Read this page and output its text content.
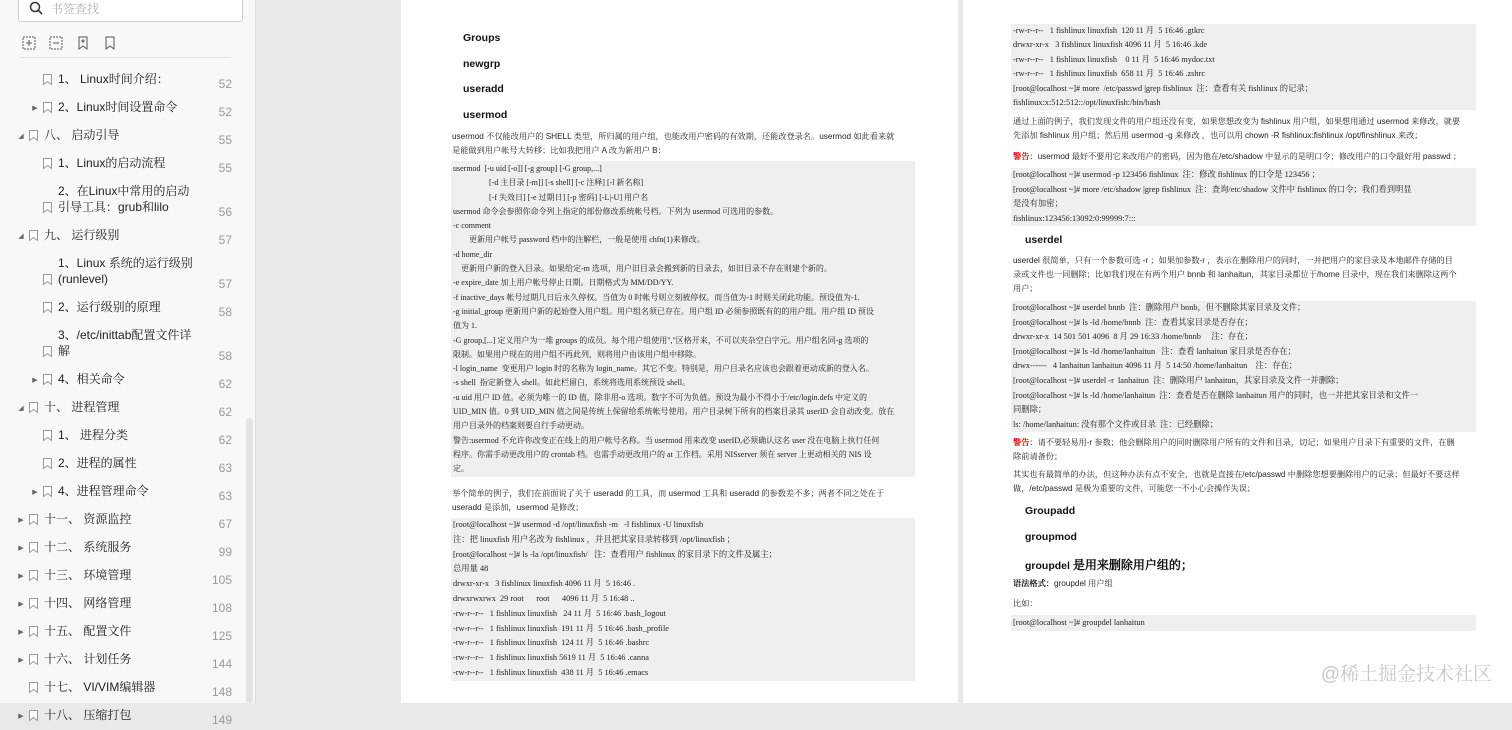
书签查找
1、 Linux时间介绍：	52
▶ 2、Linux时间设置命令	52
◢ 八、 启动引导	55
1、Linux的启动流程	55
2、在Linux中常用的启动引导工具：grub和lilo	56
◢ 九、 运行级别	57
1、Linux 系统的运行级别(runlevel)	57
2、运行级别的原理	58
3、/etc/inittab配置文件详解	58
▶ 4、相关命令	62
◢ 十、 进程管理	62
1、 进程分类	62
2、进程的属性	63
▶ 4、进程管理命令	63
▶ 十一、 资源监控	67
▶ 十二、 系统服务	99
▶ 十三、 环境管理	105
▶ 十四、 网络管理	108
▶ 十五、 配置文件	125
▶ 十六、 计划任务	144
十七、 VI/VIM编辑器	148
▶ 十八、 压缩打包	149
Groups
newgrp
useradd
usermod
usermod 不仅能改用户的 SHELL 类型，所归属的用户组，也能改用户密码的有效期，还能改登录名。usermod 如此看来就
是能做到用户帐号大转移；比如我把用户 A 改为新用户 B：
usermod  [-u uid [-o]] [-g group] [-G group,...]
[-d 主目录 [-m]] [-s shell] [-c 注释] [-l 新名称]
[-f 失效日] [-e 过期日] [-p 密码] [-L|-U] 用户名
usermod 命令会参照你命令列上指定的部份修改系统帐号档。下列为 usermod 可选用的参数。
-c comment
更新用户帐号 password 档中的注解栏，一般是使用 chfn(1)来修改。
-d home_dir
更新用户新的登入目录。如果给定-m 选项，用户旧目录会搬到新的目录去，如旧目录不存在则建个新的。
-e expire_date 加上用户帐号停止日期。日期格式为 MM/DD/YY.
-f inactive_days 帐号过期几日后永久停权。当值为 0 时帐号则立刻被停权。而当值为-1 时则关闭此功能。预设值为-1.
-g initial_group 更新用户新的起始登入用户组。用户组名须已存在。用户组 ID 必须参照既有的的用户组。用户组 ID 预设
值为 1.
-G group,[...] 定义用户为一堆 groups 的成员。每个用户组使用","区格开来，不可以夹杂空白字元。用户组名同-g 选项的
限制。如果用户现在的用户组不再此列，则将用户由该用户组中移除。
-l login_name  变更用户 login 时的名称为 login_name。其它不变。特别是，用户目录名应该也会跟着更动成新的登入名。
-s shell  指定新登入 shell。如此栏留白，系统将选用系统预设 shell。
-u uid 用户 ID 值。必须为唯一的 ID 值，除非用-o 选项。数字不可为负值。预设为最小不得小于/etc/login.defs 中定义的
UID_MIN 值。0 到 UID_MIN 值之间是传统上保留给系统帐号使用。用户目录树下所有的档案目录其 userID 会自动改变。放在
用户目录外的档案则要自行手动更动。
警告:usermod 不允许你改变正在线上的用户帐号名称。当 usermod 用来改变 userID,必须确认这名 user 没在电脑上执行任何
程序。你需手动更改用户的 crontab 档。也需手动更改用户的 at 工作档。采用 NISserver 须在 server 上更动相关的 NIS 设
定。
举个简单的例子，我们在前面说了关于 useradd 的工具，而 usermod 工具和 useradd 的参数差不多；两者不同之处在于
useradd 是添加，usermod 是修改；
[root@localhost ~]# usermod -d /opt/linuxfish -m   -l fishlinux -U linuxfish
注：把 linuxfish 用户名改为 fishlinux ，并且把其家目录转移到 /opt/linuxfish ；
[root@localhost ~]# ls -la /opt/linuxfish/   注：查看用户 fishlinux 的家目录下的文件及属主；
总用量 48
drwxr-xr-x   3 fishlinux linuxfish 4096 11 月  5 16:46 .
drwxrwxrwx  29 root      root      4096 11 月  5 16:48 ..
-rw-r--r--   1 fishlinux linuxfish   24 11 月  5 16:46 .bash_logout
-rw-r--r--   1 fishlinux linuxfish  191 11 月  5 16:46 .bash_profile
-rw-r--r--   1 fishlinux linuxfish  124 11 月  5 16:46 .bashrc
-rw-r--r--   1 fishlinux linuxfish 5619 11 月  5 16:46 .canna
-rw-r--r--   1 fishlinux linuxfish  438 11 月  5 16:46 .emacs
-rw-r--r--   1 fishlinux linuxfish  120 11 月  5 16:46 .gtkrc
drwxr-xr-x   3 fishlinux linuxfish 4096 11 月  5 16:46 .kde
-rw-r--r--   1 fishlinux linuxfish    0 11 月  5 16:46 mydoc.txt
-rw-r--r--   1 fishlinux linuxfish  658 11 月  5 16:46 .zshrc
[root@localhost ~]# more  /etc/passwd |grep fishlinux  注：查看有关 fishlinux 的记录；
fishlinux:x:512:512::/opt/linuxfish:/bin/bash
通过上面的例子，我们发现文件的用户组还没有变，如果您想改变为 fishlinux 用户组，如果想用通过 usermod 来修改，就要
先添加 fishlinux 用户组；然后用 usermod -g 来修改 ，也可以用 chown -R fishlinux:fishlinux /opt/finshlinux 来改；
警告：usermod 最好不要用它来改用户的密码，因为他在/etc/shadow 中显示的是明口令；修改用户的口令最好用 passwd ；
[root@localhost ~]# usermod -p 123456 fishlinux  注：修改 fishlinux 的口令是 123456 ；
[root@localhost ~]# more /etc/shadow |grep fishlinux  注：查询/etc/shadow 文件中 fishlinux 的口令；我们看到明显
是没有加密；
fishlinux:123456:13092:0:99999:7:::
userdel
userdel 很简单，只有一个参数可选 -r ；如果加参数-r ，表示在删除用户的同时，一并把用户的家目录及本地邮件存储的目
录或文件也一同删除；比如我们现在有两个用户 bnnb 和 lanhaitun，其家目录都位于/home 目录中，现在我们来删除这两个
用户；
[root@localhost ~]# userdel bnnb  注：删除用户 bnnb，但不删除其家目录及文件；
[root@localhost ~]# ls -ld /home/bnnb  注：查看其家目录是否存在；
drwxr-xr-x  14 501 501 4096  8 月 29 16:33 /home/bnnb     注：存在；
[root@localhost ~]# ls -ld /home/lanhaitun   注：查看 lanhaitun 家目录是否存在；
drwx------   4 lanhaitun lanhaitun 4096 11 月  5 14:50 /home/lanhaitun    注：存在；
[root@localhost ~]# userdel -r  lanhaitun  注：删除用户 lanhaitun，其家目录及文件一并删除；
[root@localhost ~]# ls -ld /home/lanhaitun  注：查看是否在删除 lanhaitun 用户的同时，也一并把其家目录和文件一
同删除；
ls: /home/lanhaitun: 没有那个文件或目录  注：已经删除；
警告：请不要轻易用-r 参数；他会删除用户的同时删除用户所有的文件和目录，切记；如果用户目录下有重要的文件，在删
除前请备份；
其实也有最简单的办法，但这种办法有点不安全，也就是直接在/etc/passwd 中删除您想要删除用户的记录；但最好不要这样
做，/etc/passwd 是极为重要的文件，可能您一不小心会操作失误；
Groupadd
groupmod
groupdel 是用来删除用户组的；
语法格式：groupdel 用户组
比如：
[root@localhost ~]# groupdel lanhaitun
@稀土掘金技术社区
